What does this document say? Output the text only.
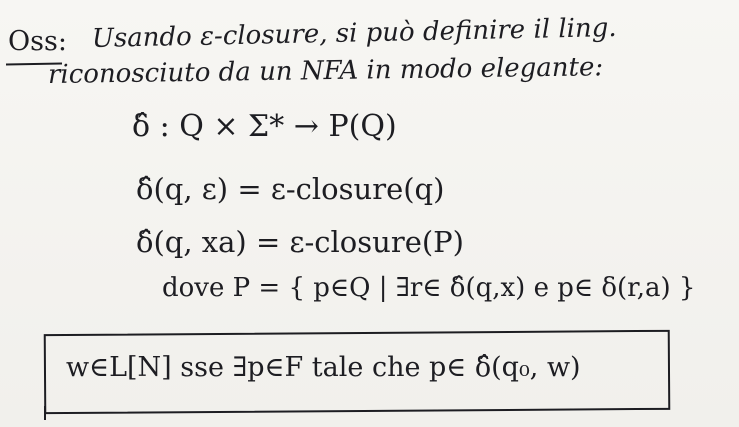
Oss: Usando ε-closure, si può definire il ling.
riconosciuto da un NFA in modo elegante:
δ̂ : Q × Σ* → P(Q)
δ̂(q, ε) = ε-closure(q)
δ̂(q, xa) = ε-closure(P)
dove P = { p∈Q | ∃r∈ δ̂(q,x) e p∈ δ(r,a) }
w∈L[N] sse ∃p∈F tale che p∈ δ̂(q₀, w)
